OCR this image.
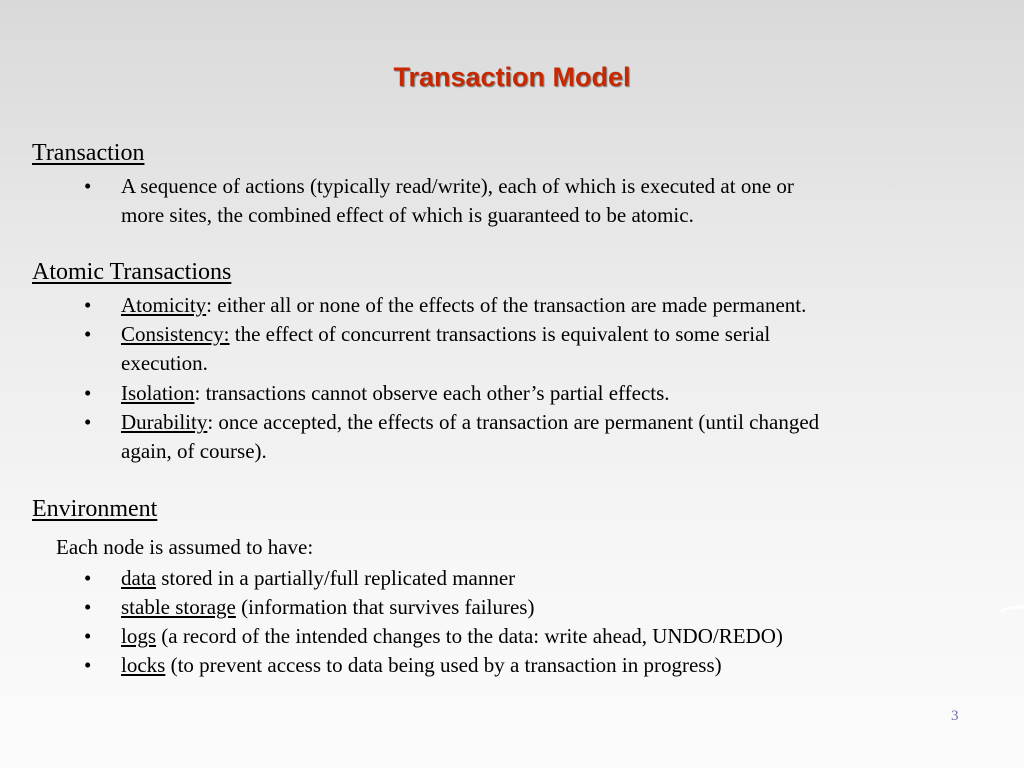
Transaction Model
Transaction
• A sequence of actions (typically read/write), each of which is executed at one or
more sites, the combined effect of which is guaranteed to be atomic.
Atomic Transactions
• Atomicity: either all or none of the effects of the transaction are made permanent.
• Consistency: the effect of concurrent transactions is equivalent to some serial
execution.
• Isolation: transactions cannot observe each other’s partial effects.
• Durability: once accepted, the effects of a transaction are permanent (until changed
again, of course).
Environment
Each node is assumed to have:
• data stored in a partially/full replicated manner
• stable storage (information that survives failures)
• logs (a record of the intended changes to the data: write ahead, UNDO/REDO)
• locks (to prevent access to data being used by a transaction in progress)
3
